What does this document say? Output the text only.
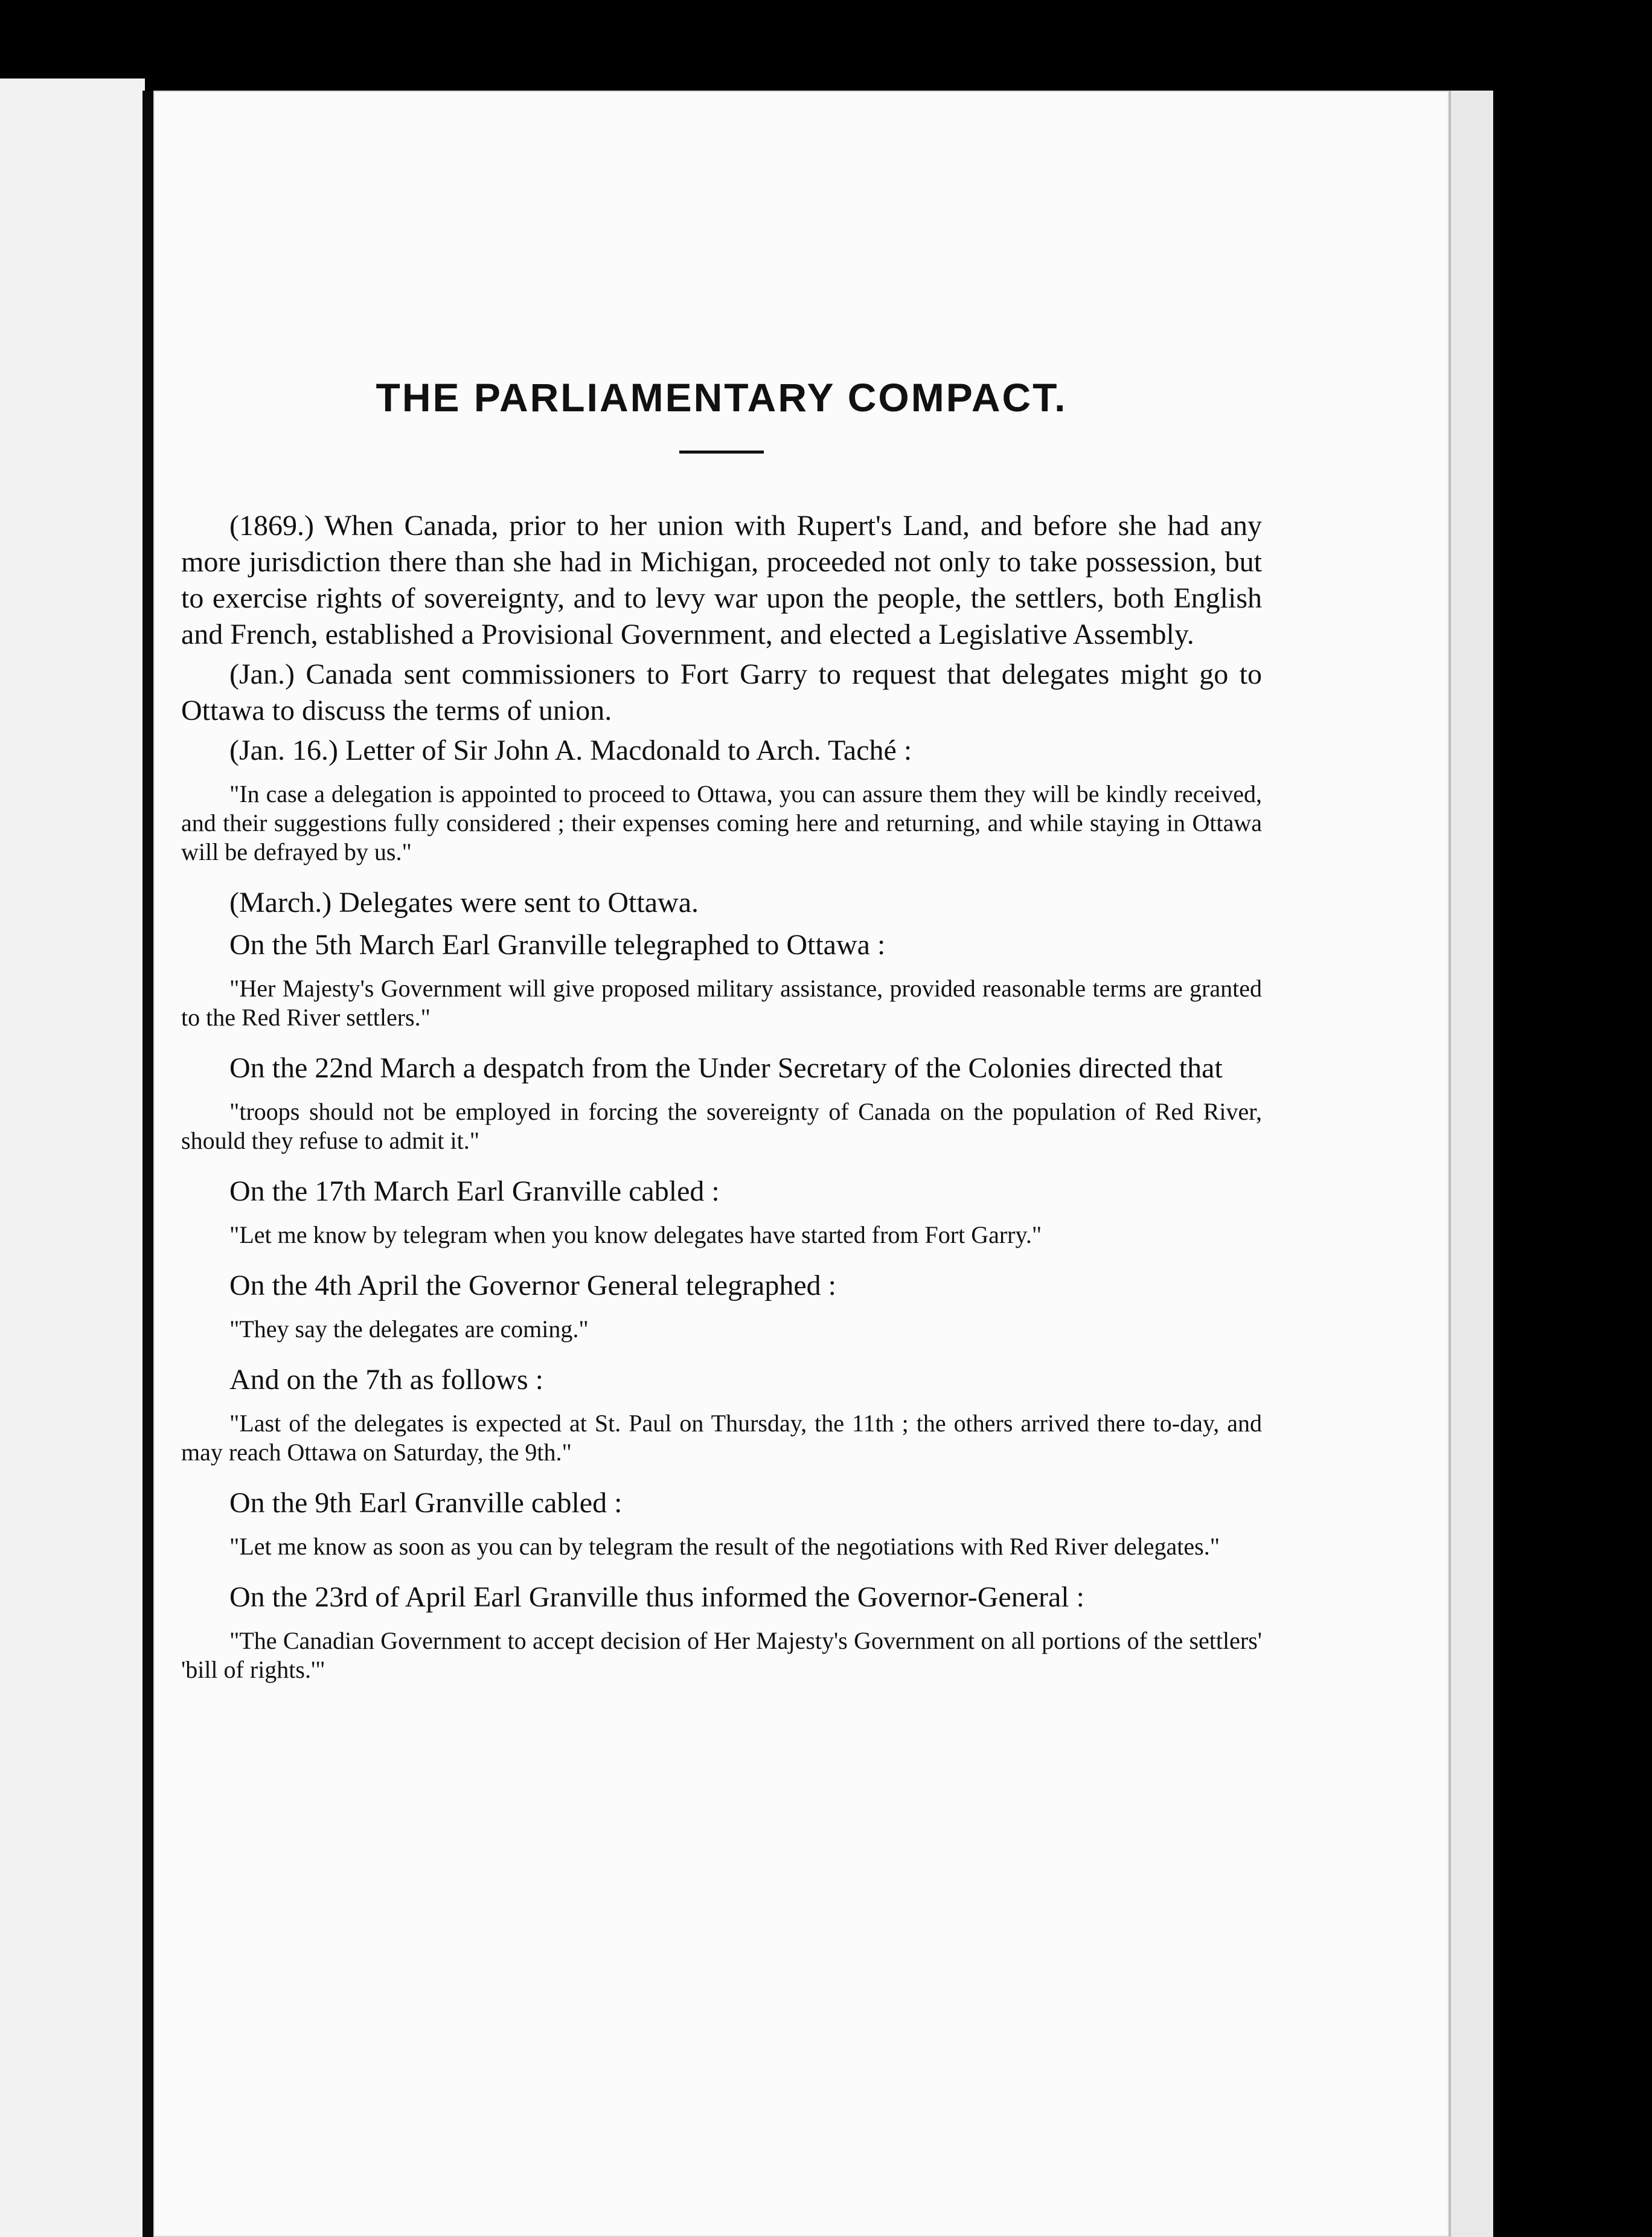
THE PARLIAMENTARY COMPACT.

(1869.) When Canada, prior to her union with Rupert's Land, and before she had any more jurisdiction there than she had in Michigan, proceeded not only to take possession, but to exercise rights of sovereignty, and to levy war upon the people, the settlers, both English and French, established a Provisional Government, and elected a Legislative Assembly.

(Jan.) Canada sent commissioners to Fort Garry to request that delegates might go to Ottawa to discuss the terms of union.

(Jan. 16.) Letter of Sir John A. Macdonald to Arch. Taché :

"In case a delegation is appointed to proceed to Ottawa, you can assure them they will be kindly received, and their suggestions fully considered ; their expenses coming here and returning, and while staying in Ottawa will be defrayed by us."

(March.) Delegates were sent to Ottawa.

On the 5th March Earl Granville telegraphed to Ottawa :

"Her Majesty's Government will give proposed military assistance, provided reasonable terms are granted to the Red River settlers."

On the 22nd March a despatch from the Under Secretary of the Colonies directed that

"troops should not be employed in forcing the sovereignty of Canada on the population of Red River, should they refuse to admit it."

On the 17th March Earl Granville cabled :

"Let me know by telegram when you know delegates have started from Fort Garry."

On the 4th April the Governor General telegraphed :

"They say the delegates are coming."

And on the 7th as follows :

"Last of the delegates is expected at St. Paul on Thursday, the 11th ; the others arrived there to-day, and may reach Ottawa on Saturday, the 9th."

On the 9th Earl Granville cabled :

"Let me know as soon as you can by telegram the result of the negotiations with Red River delegates."

On the 23rd of April Earl Granville thus informed the Governor-General :

"The Canadian Government to accept decision of Her Majesty's Government on all portions of the settlers' 'bill of rights.'"
